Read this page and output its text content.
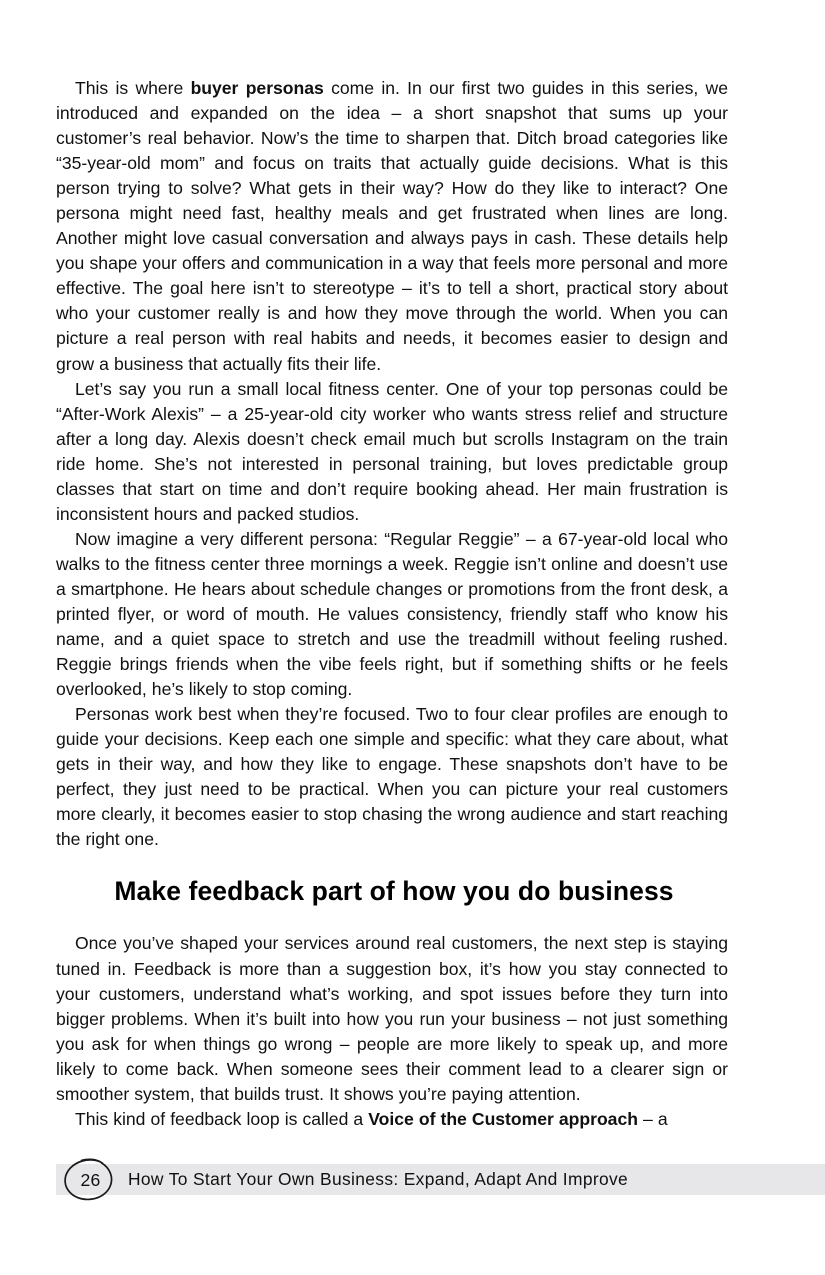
This is where buyer personas come in. In our first two guides in this series, we introduced and expanded on the idea – a short snapshot that sums up your customer’s real behavior. Now’s the time to sharpen that. Ditch broad categories like “35-year-old mom” and focus on traits that actually guide decisions. What is this person trying to solve? What gets in their way? How do they like to interact? One persona might need fast, healthy meals and get frustrated when lines are long. Another might love casual conversation and always pays in cash. These details help you shape your offers and communication in a way that feels more personal and more effective. The goal here isn’t to stereotype – it’s to tell a short, practical story about who your customer really is and how they move through the world. When you can picture a real person with real habits and needs, it becomes easier to design and grow a business that actually fits their life.

Let’s say you run a small local fitness center. One of your top personas could be “After-Work Alexis” – a 25-year-old city worker who wants stress relief and structure after a long day. Alexis doesn’t check email much but scrolls Instagram on the train ride home. She’s not interested in personal training, but loves predictable group classes that start on time and don’t require booking ahead. Her main frustration is inconsistent hours and packed studios.

Now imagine a very different persona: “Regular Reggie” – a 67-year-old local who walks to the fitness center three mornings a week. Reggie isn’t online and doesn’t use a smartphone. He hears about schedule changes or promotions from the front desk, a printed flyer, or word of mouth. He values consistency, friendly staff who know his name, and a quiet space to stretch and use the treadmill without feeling rushed. Reggie brings friends when the vibe feels right, but if something shifts or he feels overlooked, he’s likely to stop coming.

Personas work best when they’re focused. Two to four clear profiles are enough to guide your decisions. Keep each one simple and specific: what they care about, what gets in their way, and how they like to engage. These snapshots don’t have to be perfect, they just need to be practical. When you can picture your real customers more clearly, it becomes easier to stop chasing the wrong audience and start reaching the right one.

Make feedback part of how you do business

Once you’ve shaped your services around real customers, the next step is staying tuned in. Feedback is more than a suggestion box, it’s how you stay connected to your customers, understand what’s working, and spot issues before they turn into bigger problems. When it’s built into how you run your business – not just something you ask for when things go wrong – people are more likely to speak up, and more likely to come back. When someone sees their comment lead to a clearer sign or smoother system, that builds trust. It shows you’re paying attention.

This kind of feedback loop is called a Voice of the Customer approach – a

How To Start Your Own Business: Expand, Adapt And Improve
26
